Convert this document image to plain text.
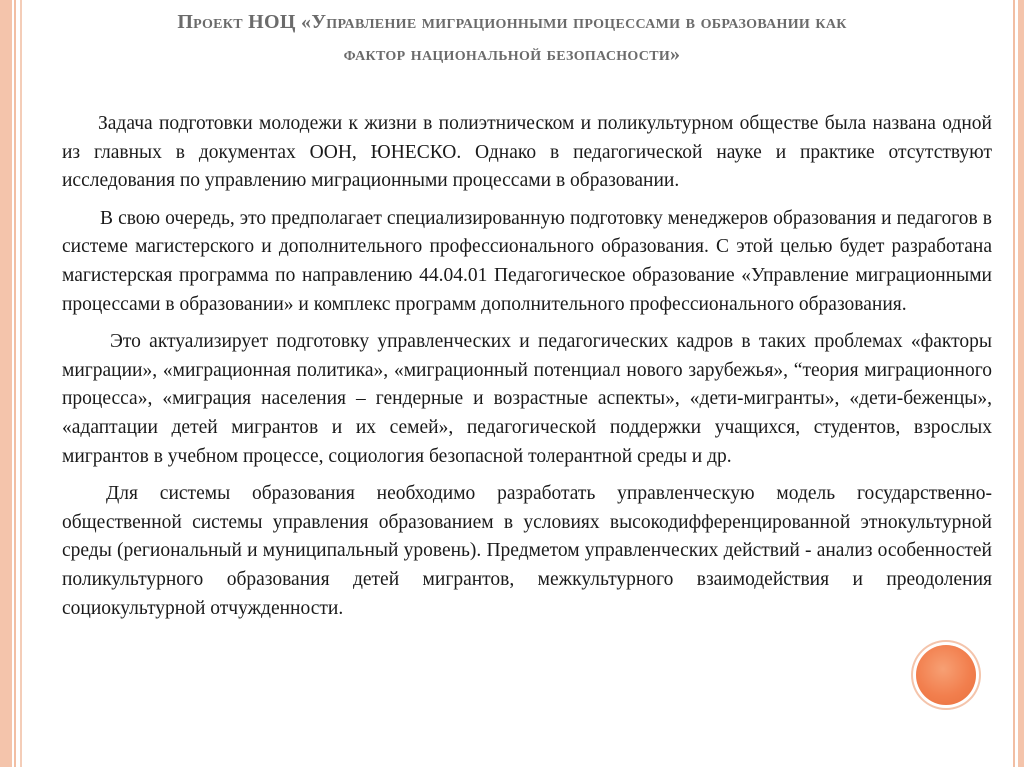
Проект НОЦ «Управление миграционными процессами в образовании как
фактор национальной безопасности»

Задача подготовки молодежи к жизни в полиэтническом и поликультурном обществе была названа одной из главных в документах ООН, ЮНЕСКО. Однако в педагогической науке и практике отсутствуют исследования по управлению миграционными процессами в образовании.

В свою очередь, это предполагает специализированную подготовку менеджеров образования и педагогов в системе магистерского и дополнительного профессионального образования. С этой целью будет разработана магистерская программа по направлению 44.04.01 Педагогическое образование «Управление миграционными процессами в образовании» и комплекс программ дополнительного профессионального образования.

Это актуализирует подготовку управленческих и педагогических кадров в таких проблемах «факторы миграции», «миграционная политика», «миграционный потенциал нового зарубежья», “теория миграционного процесса», «миграция населения – гендерные и возрастные аспекты», «дети-мигранты», «дети-беженцы», «адаптации детей мигрантов и их семей», педагогической поддержки учащихся, студентов, взрослых мигрантов в учебном процессе, социология безопасной толерантной среды и др.

Для системы образования необходимо разработать управленческую модель государственно-общественной системы управления образованием в условиях высокодифференцированной этнокультурной среды (региональный и муниципальный уровень). Предметом управленческих действий - анализ особенностей поликультурного образования детей мигрантов, межкультурного взаимодействия и преодоления социокультурной отчужденности.
